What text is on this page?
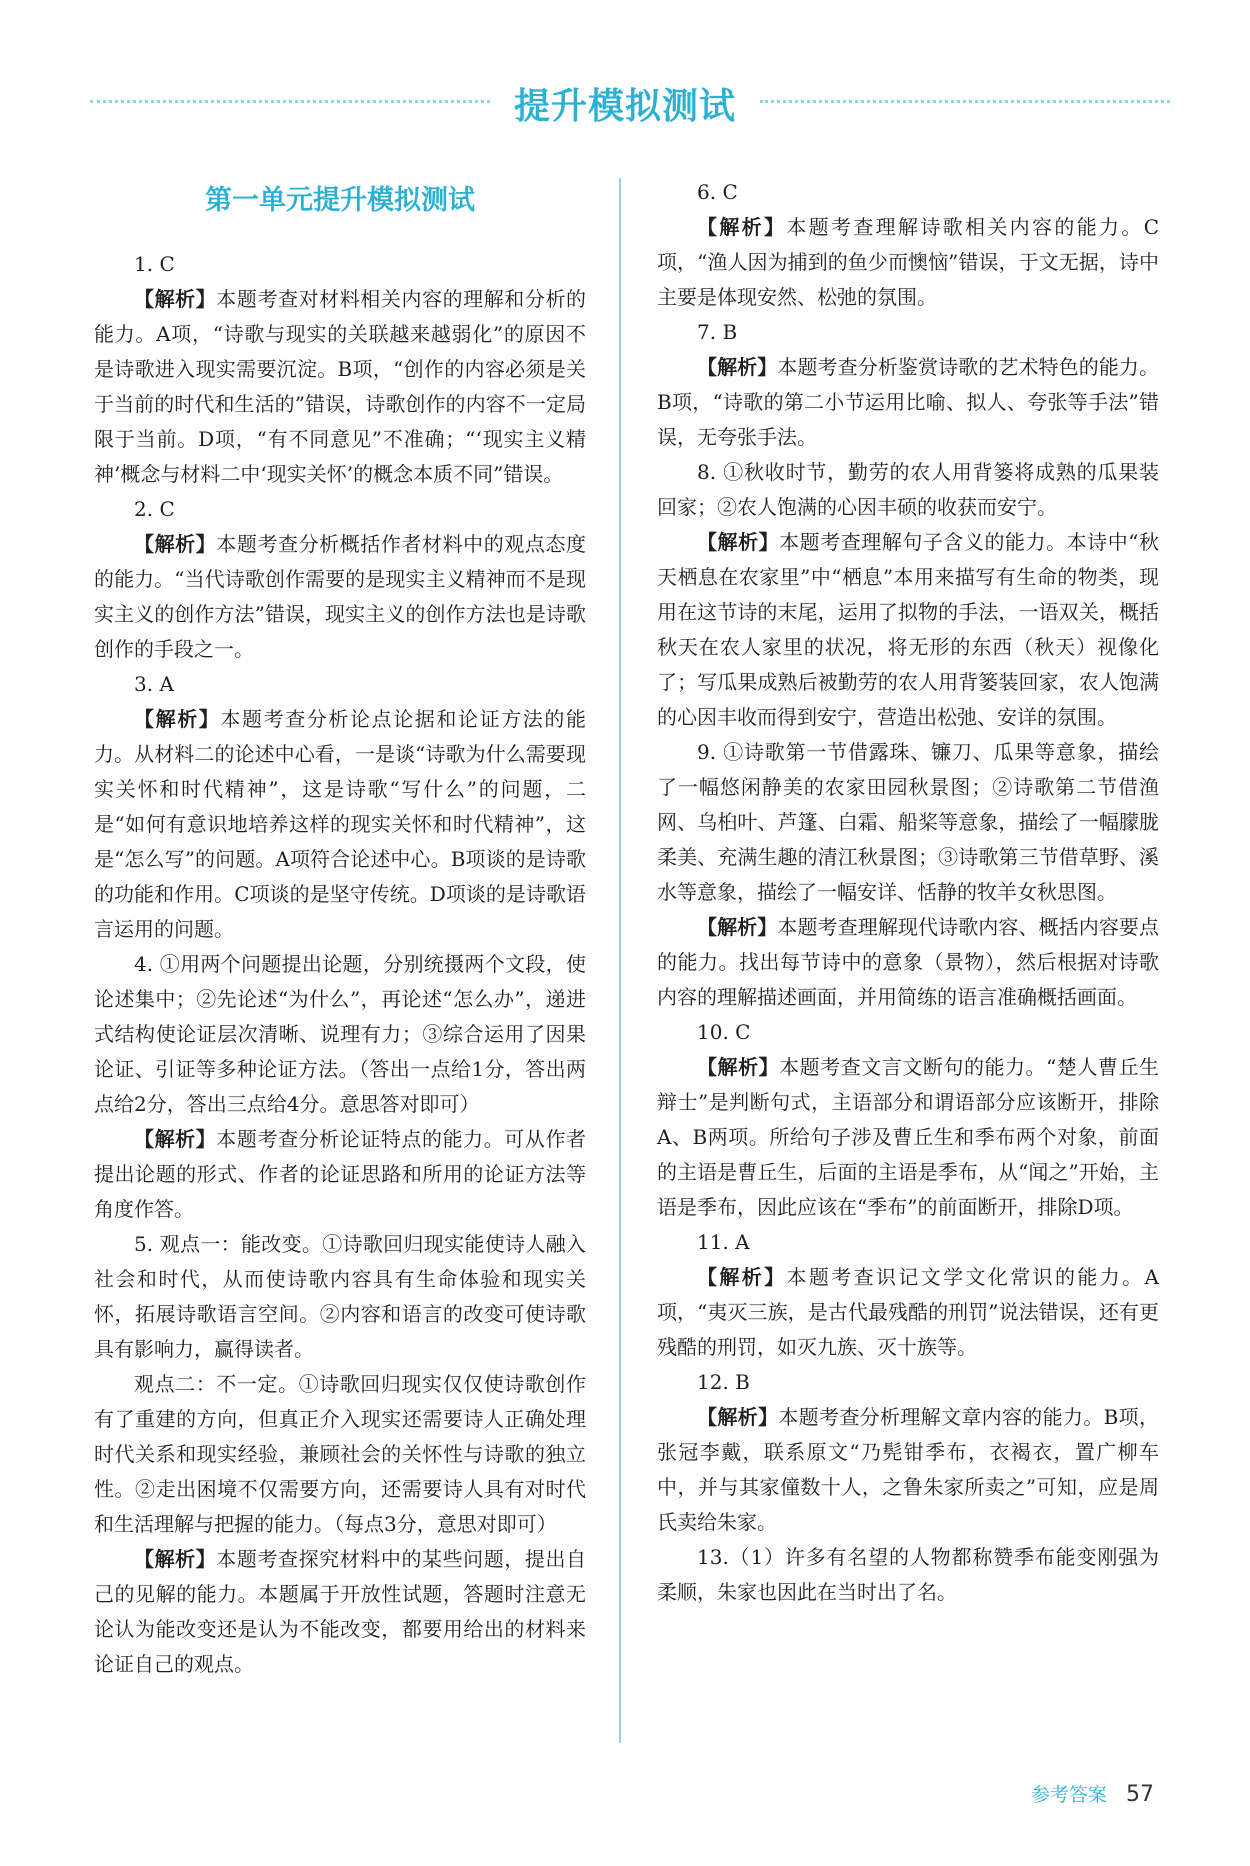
提升模拟测试
第一单元提升模拟测试

1. C

【解析】本题考查对材料相关内容的理解和分析的能力。A项，“诗歌与现实的关联越来越弱化”的原因不是诗歌进入现实需要沉淀。B项，“创作的内容必须是关于当前的时代和生活的”错误，诗歌创作的内容不一定局限于当前。D项，“有不同意见”不准确；“‘现实主义精神’概念与材料二中‘现实关怀’的概念本质不同”错误。

2. C

【解析】本题考查分析概括作者材料中的观点态度的能力。“当代诗歌创作需要的是现实主义精神而不是现实主义的创作方法”错误，现实主义的创作方法也是诗歌创作的手段之一。

3. A

【解析】本题考查分析论点论据和论证方法的能力。从材料二的论述中心看，一是谈“诗歌为什么需要现实关怀和时代精神”，这是诗歌“写什么”的问题，二是“如何有意识地培养这样的现实关怀和时代精神”，这是“怎么写”的问题。A项符合论述中心。B项谈的是诗歌的功能和作用。C项谈的是坚守传统。D项谈的是诗歌语言运用的问题。

4. ①用两个问题提出论题，分别统摄两个文段，使论述集中；②先论述“为什么”，再论述“怎么办”，递进式结构使论证层次清晰、说理有力；③综合运用了因果论证、引证等多种论证方法。（答出一点给1分，答出两点给2分，答出三点给4分。意思答对即可）

【解析】本题考查分析论证特点的能力。可从作者提出论题的形式、作者的论证思路和所用的论证方法等角度作答。

5. 观点一：能改变。①诗歌回归现实能使诗人融入社会和时代，从而使诗歌内容具有生命体验和现实关怀，拓展诗歌语言空间。②内容和语言的改变可使诗歌具有影响力，赢得读者。

观点二：不一定。①诗歌回归现实仅仅使诗歌创作有了重建的方向，但真正介入现实还需要诗人正确处理时代关系和现实经验，兼顾社会的关怀性与诗歌的独立性。②走出困境不仅需要方向，还需要诗人具有对时代和生活理解与把握的能力。（每点3分，意思对即可）

【解析】本题考查探究材料中的某些问题，提出自己的见解的能力。本题属于开放性试题，答题时注意无论认为能改变还是认为不能改变，都要用给出的材料来论证自己的观点。

6. C

【解析】本题考查理解诗歌相关内容的能力。C项，“渔人因为捕到的鱼少而懊恼”错误，于文无据，诗中主要是体现安然、松弛的氛围。

7. B

【解析】本题考查分析鉴赏诗歌的艺术特色的能力。B项，“诗歌的第二小节运用比喻、拟人、夸张等手法”错误，无夸张手法。

8. ①秋收时节，勤劳的农人用背篓将成熟的瓜果装回家；②农人饱满的心因丰硕的收获而安宁。

【解析】本题考查理解句子含义的能力。本诗中“秋天栖息在农家里”中“栖息”本用来描写有生命的物类，现用在这节诗的末尾，运用了拟物的手法，一语双关，概括秋天在农人家里的状况，将无形的东西（秋天）视像化了；写瓜果成熟后被勤劳的农人用背篓装回家，农人饱满的心因丰收而得到安宁，营造出松弛、安详的氛围。

9. ①诗歌第一节借露珠、镰刀、瓜果等意象，描绘了一幅悠闲静美的农家田园秋景图；②诗歌第二节借渔网、乌桕叶、芦篷、白霜、船桨等意象，描绘了一幅朦胧柔美、充满生趣的清江秋景图；③诗歌第三节借草野、溪水等意象，描绘了一幅安详、恬静的牧羊女秋思图。

【解析】本题考查理解现代诗歌内容、概括内容要点的能力。找出每节诗中的意象（景物），然后根据对诗歌内容的理解描述画面，并用简练的语言准确概括画面。

10. C

【解析】本题考查文言文断句的能力。“楚人曹丘生辩士”是判断句式，主语部分和谓语部分应该断开，排除A、B两项。所给句子涉及曹丘生和季布两个对象，前面的主语是曹丘生，后面的主语是季布，从“闻之”开始，主语是季布，因此应该在“季布”的前面断开，排除D项。

11. A

【解析】本题考查识记文学文化常识的能力。A项，“夷灭三族，是古代最残酷的刑罚”说法错误，还有更残酷的刑罚，如灭九族、灭十族等。

12. B

【解析】本题考查分析理解文章内容的能力。B项，张冠李戴，联系原文“乃髡钳季布，衣褐衣，置广柳车中，并与其家僮数十人，之鲁朱家所卖之”可知，应是周氏卖给朱家。

13.（1）许多有名望的人物都称赞季布能变刚强为柔顺，朱家也因此在当时出了名。

参考答案 57
